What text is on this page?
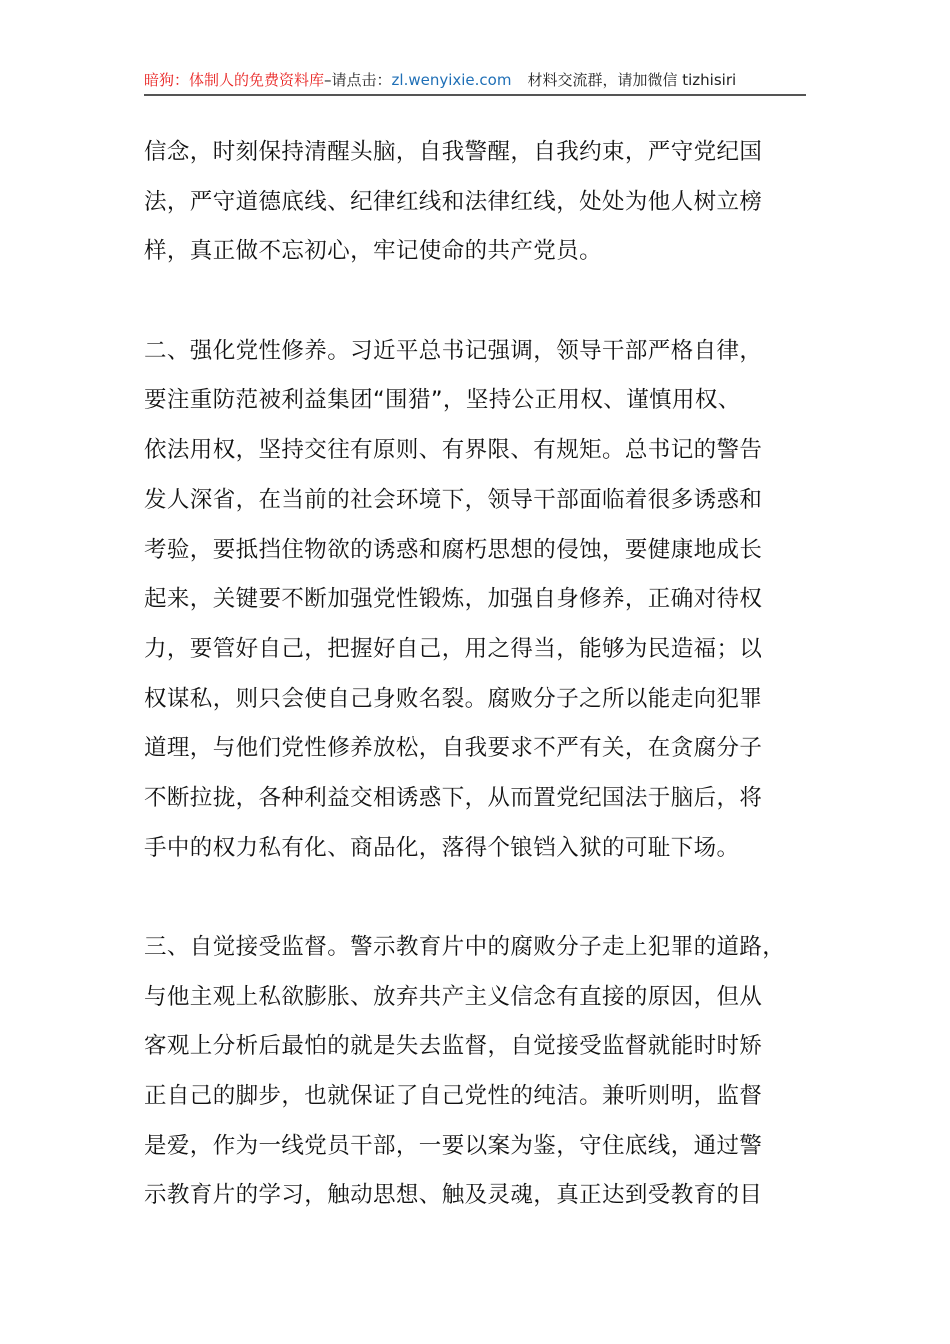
暗狗：体制人的免费资料库–请点击：zl.wenyixie.com 材料交流群，请加微信 tizhisiri
信念，时刻保持清醒头脑，自我警醒，自我约束，严守党纪国
法，严守道德底线、纪律红线和法律红线，处处为他人树立榜
样，真正做不忘初心，牢记使命的共产党员。
二、强化党性修养。习近平总书记强调，领导干部严格自律，
要注重防范被利益集团“围猎”，坚持公正用权、谨慎用权、
依法用权，坚持交往有原则、有界限、有规矩。总书记的警告
发人深省，在当前的社会环境下，领导干部面临着很多诱惑和
考验，要抵挡住物欲的诱惑和腐朽思想的侵蚀，要健康地成长
起来，关键要不断加强党性锻炼，加强自身修养，正确对待权
力，要管好自己，把握好自己，用之得当，能够为民造福；以
权谋私，则只会使自己身败名裂。腐败分子之所以能走向犯罪
道理，与他们党性修养放松，自我要求不严有关，在贪腐分子
不断拉拢，各种利益交相诱惑下，从而置党纪国法于脑后，将
手中的权力私有化、商品化，落得个锒铛入狱的可耻下场。
三、自觉接受监督。警示教育片中的腐败分子走上犯罪的道路，
与他主观上私欲膨胀、放弃共产主义信念有直接的原因，但从
客观上分析后最怕的就是失去监督，自觉接受监督就能时时矫
正自己的脚步，也就保证了自己党性的纯洁。兼听则明，监督
是爱，作为一线党员干部，一要以案为鉴，守住底线，通过警
示教育片的学习，触动思想、触及灵魂，真正达到受教育的目
